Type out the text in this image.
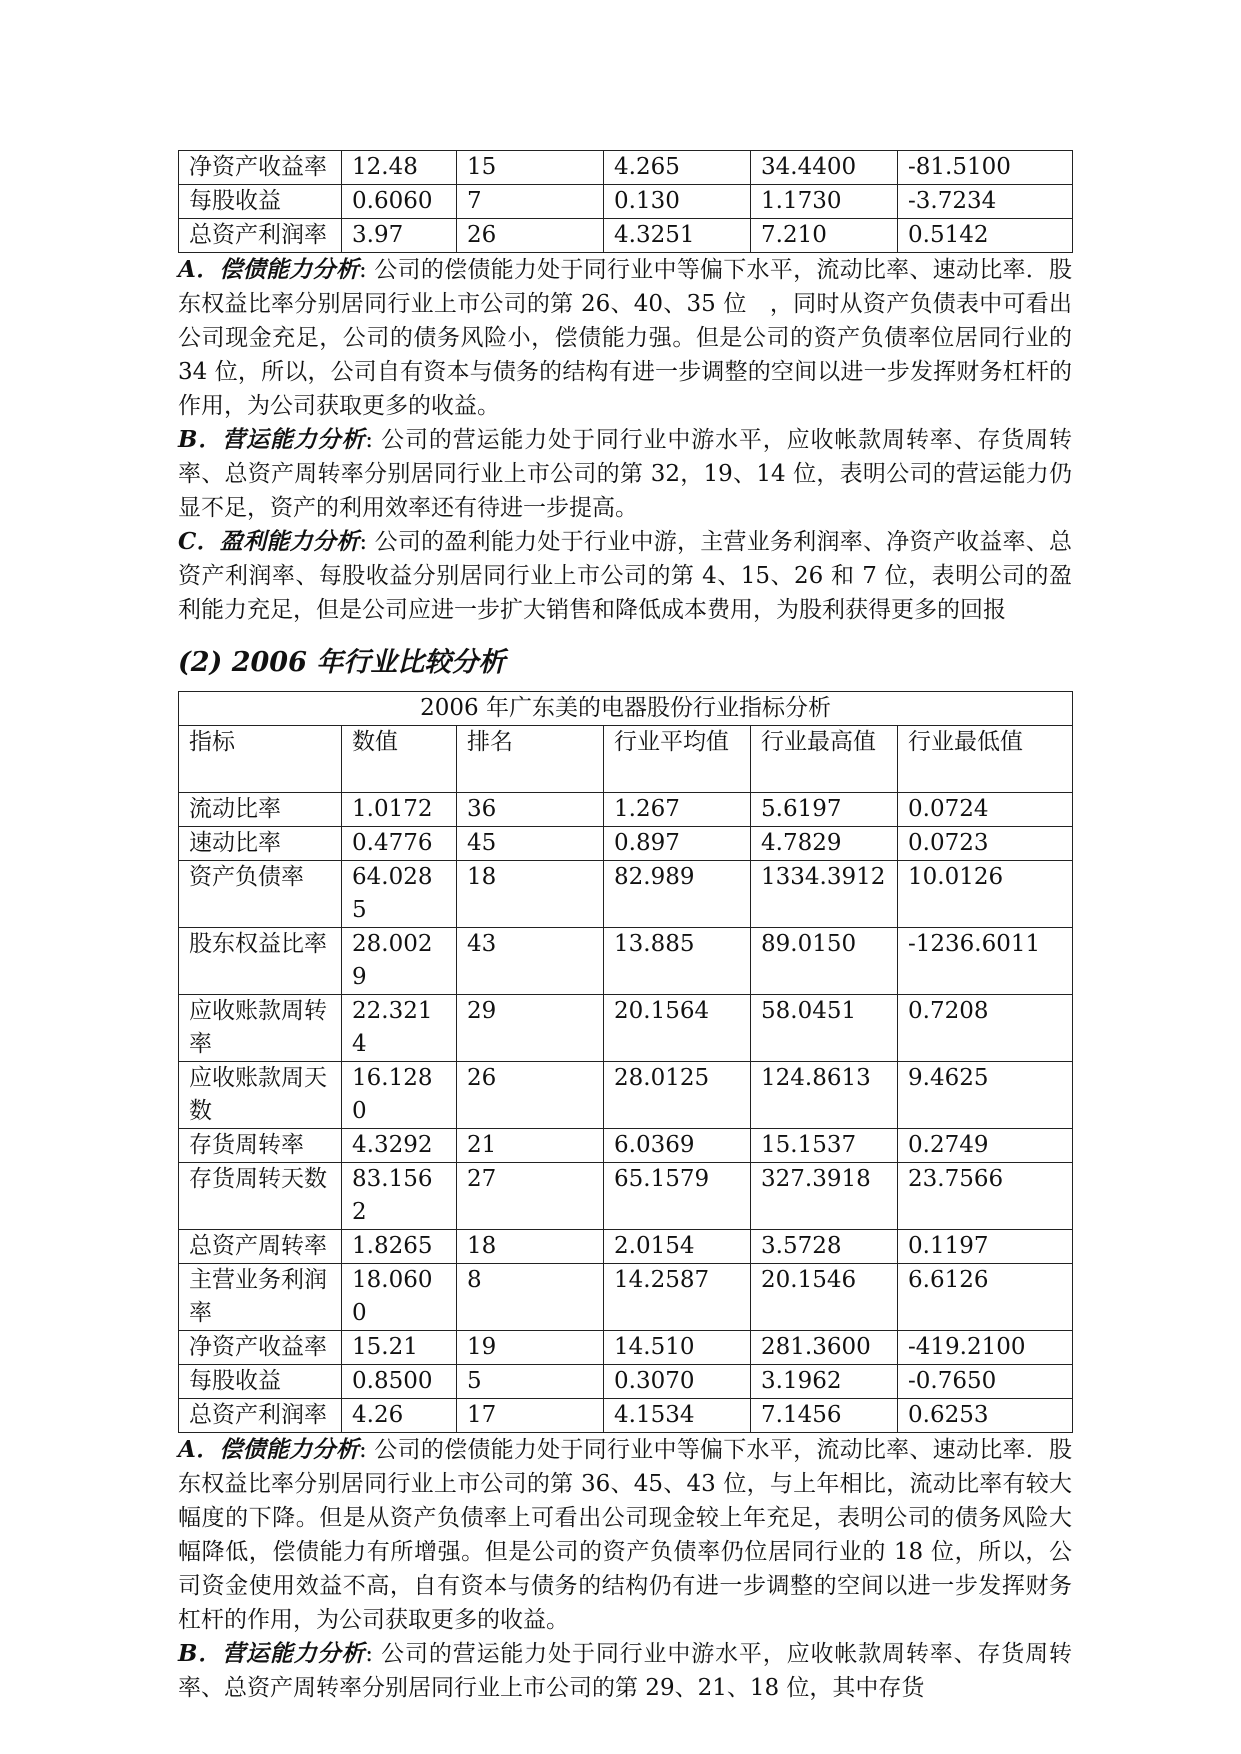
净资产收益率	12.48	15	4.265	34.4400	-81.5100
每股收益	0.6060	7	0.130	1.1730	-3.7234
总资产利润率	3.97	26	4.3251	7.210	0.5142

A．偿债能力分析: 公司的偿债能力处于同行业中等偏下水平，流动比率、速动比率．股东权益比率分别居同行业上市公司的第 26、40、35 位　，同时从资产负债表中可看出公司现金充足，公司的债务风险小，偿债能力强。但是公司的资产负债率位居同行业的 34 位，所以，公司自有资本与债务的结构有进一步调整的空间以进一步发挥财务杠杆的作用，为公司获取更多的收益。

B．营运能力分析: 公司的营运能力处于同行业中游水平，应收帐款周转率、存货周转率、总资产周转率分别居同行业上市公司的第 32，19、14 位，表明公司的营运能力仍显不足，资产的利用效率还有待进一步提高。

C．盈利能力分析: 公司的盈利能力处于行业中游，主营业务利润率、净资产收益率、总资产利润率、每股收益分别居同行业上市公司的第 4、15、26 和 7 位，表明公司的盈利能力充足，但是公司应进一步扩大销售和降低成本费用，为股利获得更多的回报

(2) 2006 年行业比较分析
2006 年广东美的电器股份行业指标分析					
指标	数值	排名	行业平均值	行业最高值	行业最低值
流动比率	1.0172	36	1.267	5.6197	0.0724
速动比率	0.4776	45	0.897	4.7829	0.0723
资产负债率	64.0285	18	82.989	1334.3912	10.0126
股东权益比率	28.0029	43	13.885	89.0150	-1236.6011
应收账款周转率	22.3214	29	20.1564	58.0451	0.7208
应收账款周天数	16.1280	26	28.0125	124.8613	9.4625
存货周转率	4.3292	21	6.0369	15.1537	0.2749
存货周转天数	83.1562	27	65.1579	327.3918	23.7566
总资产周转率	1.8265	18	2.0154	3.5728	0.1197
主营业务利润率	18.0600	8	14.2587	20.1546	6.6126
净资产收益率	15.21	19	14.510	281.3600	-419.2100
每股收益	0.8500	5	0.3070	3.1962	-0.7650
总资产利润率	4.26	17	4.1534	7.1456	0.6253

A．偿债能力分析: 公司的偿债能力处于同行业中等偏下水平，流动比率、速动比率．股东权益比率分别居同行业上市公司的第 36、45、43 位，与上年相比，流动比率有较大幅度的下降。但是从资产负债率上可看出公司现金较上年充足，表明公司的债务风险大幅降低，偿债能力有所增强。但是公司的资产负债率仍位居同行业的 18 位，所以，公司资金使用效益不高，自有资本与债务的结构仍有进一步调整的空间以进一步发挥财务杠杆的作用，为公司获取更多的收益。

B．营运能力分析: 公司的营运能力处于同行业中游水平，应收帐款周转率、存货周转率、总资产周转率分别居同行业上市公司的第 29、21、18 位，其中存货
